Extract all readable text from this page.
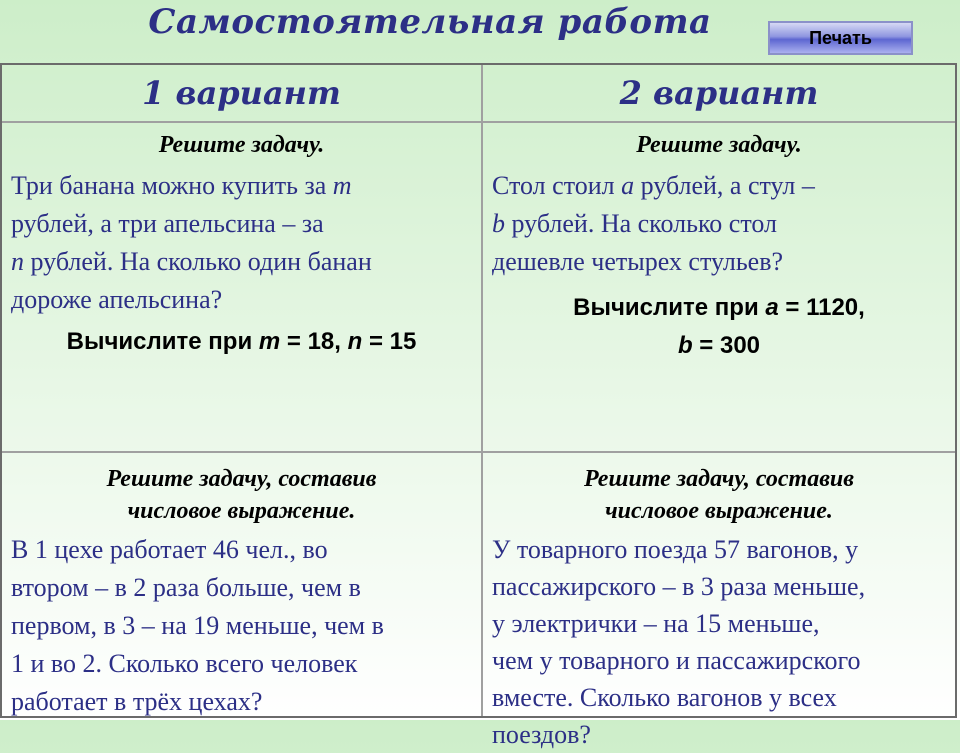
Самостоятельная работа	Печать
1 вариант	2 вариант
Решите задачу.
Три банана можно купить за m
рублей, а три апельсина – за
n рублей. На сколько один банан
дороже апельсина?
Вычислите при m = 18, n = 15
Решите задачу.
Стол стоил a рублей, а стул –
b рублей. На сколько стол
дешевле четырех стульев?
Вычислите при a = 1120,
b = 300
Решите задачу, составив
числовое выражение.
В 1 цехе работает 46 чел., во
втором – в 2 раза больше, чем в
первом, в 3 – на 19 меньше, чем в
1 и во 2. Сколько всего человек
работает в трёх цехах?
Решите задачу, составив
числовое выражение.
У товарного поезда 57 вагонов, у
пассажирского – в 3 раза меньше,
у электрички – на 15 меньше,
чем у товарного и пассажирского
вместе. Сколько вагонов у всех
поездов?
